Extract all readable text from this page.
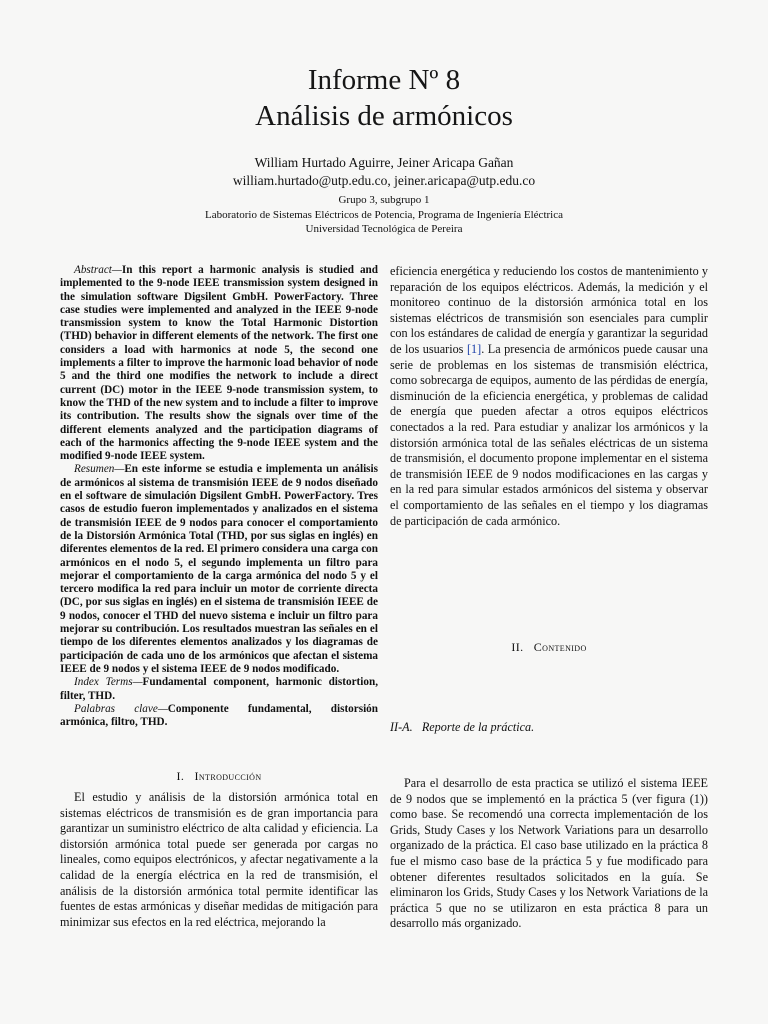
Informe Nº 8
Análisis de armónicos
William Hurtado Aguirre, Jeiner Aricapa Gañan
william.hurtado@utp.edu.co, jeiner.aricapa@utp.edu.co
Grupo 3, subgrupo 1
Laboratorio de Sistemas Eléctricos de Potencia, Programa de Ingeniería Eléctrica
Universidad Tecnológica de Pereira

Abstract—In this report a harmonic analysis is studied and implemented to the 9-node IEEE transmission system designed in the simulation software Digsilent GmbH. PowerFactory. Three case studies were implemented and analyzed in the IEEE 9-node transmission system to know the Total Harmonic Distortion (THD) behavior in different elements of the network. The first one considers a load with harmonics at node 5, the second one implements a filter to improve the harmonic load behavior of node 5 and the third one modifies the network to include a direct current (DC) motor in the IEEE 9-node transmission system, to know the THD of the new system and to include a filter to improve its contribution. The results show the signals over time of the different elements analyzed and the participation diagrams of each of the harmonics affecting the 9-node IEEE system and the modified 9-node IEEE system.

Resumen—En este informe se estudia e implementa un análisis de armónicos al sistema de transmisión IEEE de 9 nodos diseñado en el software de simulación Digsilent GmbH. PowerFactory. Tres casos de estudio fueron implementados y analizados en el sistema de transmisión IEEE de 9 nodos para conocer el comportamiento de la Distorsión Armónica Total (THD, por sus siglas en inglés) en diferentes elementos de la red. El primero considera una carga con armónicos en el nodo 5, el segundo implementa un filtro para mejorar el comportamiento de la carga armónica del nodo 5 y el tercero modifica la red para incluir un motor de corriente directa (DC, por sus siglas en inglés) en el sistema de transmisión IEEE de 9 nodos, conocer el THD del nuevo sistema e incluir un filtro para mejorar su contribución. Los resultados muestran las señales en el tiempo de los diferentes elementos analizados y los diagramas de participación de cada uno de los armónicos que afectan el sistema IEEE de 9 nodos y el sistema IEEE de 9 nodos modificado.

Index Terms—Fundamental component, harmonic distortion, filter, THD.

Palabras clave—Componente fundamental, distorsión armónica, filtro, THD.

I. Introducción

El estudio y análisis de la distorsión armónica total en sistemas eléctricos de transmisión es de gran importancia para garantizar un suministro eléctrico de alta calidad y eficiencia. La distorsión armónica total puede ser generada por cargas no lineales, como equipos electrónicos, y afectar negativamente a la calidad de la energía eléctrica en la red de transmisión, el análisis de la distorsión armónica total permite identificar las fuentes de estas armónicas y diseñar medidas de mitigación para minimizar sus efectos en la red eléctrica, mejorando la

eficiencia energética y reduciendo los costos de mantenimiento y reparación de los equipos eléctricos. Además, la medición y el monitoreo continuo de la distorsión armónica total en los sistemas eléctricos de transmisión son esenciales para cumplir con los estándares de calidad de energía y garantizar la seguridad de los usuarios [1]. La presencia de armónicos puede causar una serie de problemas en los sistemas de transmisión eléctrica, como sobrecarga de equipos, aumento de las pérdidas de energía, disminución de la eficiencia energética, y problemas de calidad de energía que pueden afectar a otros equipos eléctricos conectados a la red. Para estudiar y analizar los armónicos y la distorsión armónica total de las señales eléctricas de un sistema de transmisión, el documento propone implementar en el sistema de transmisión IEEE de 9 nodos modificaciones en las cargas y en la red para simular estados armónicos del sistema y observar el comportamiento de las señales en el tiempo y los diagramas de participación de cada armónico.

II. Contenido
II-A. Reporte de la práctica.

Para el desarrollo de esta practica se utilizó el sistema IEEE de 9 nodos que se implementó en la práctica 5 (ver figura (1)) como base. Se recomendó una correcta implementación de los Grids, Study Cases y los Network Variations para un desarrollo organizado de la práctica. El caso base utilizado en la práctica 8 fue el mismo caso base de la práctica 5 y fue modificado para obtener diferentes resultados solicitados en la guía. Se eliminaron los Grids, Study Cases y los Network Variations de la práctica 5 que no se utilizaron en esta práctica 8 para un desarrollo más organizado.
